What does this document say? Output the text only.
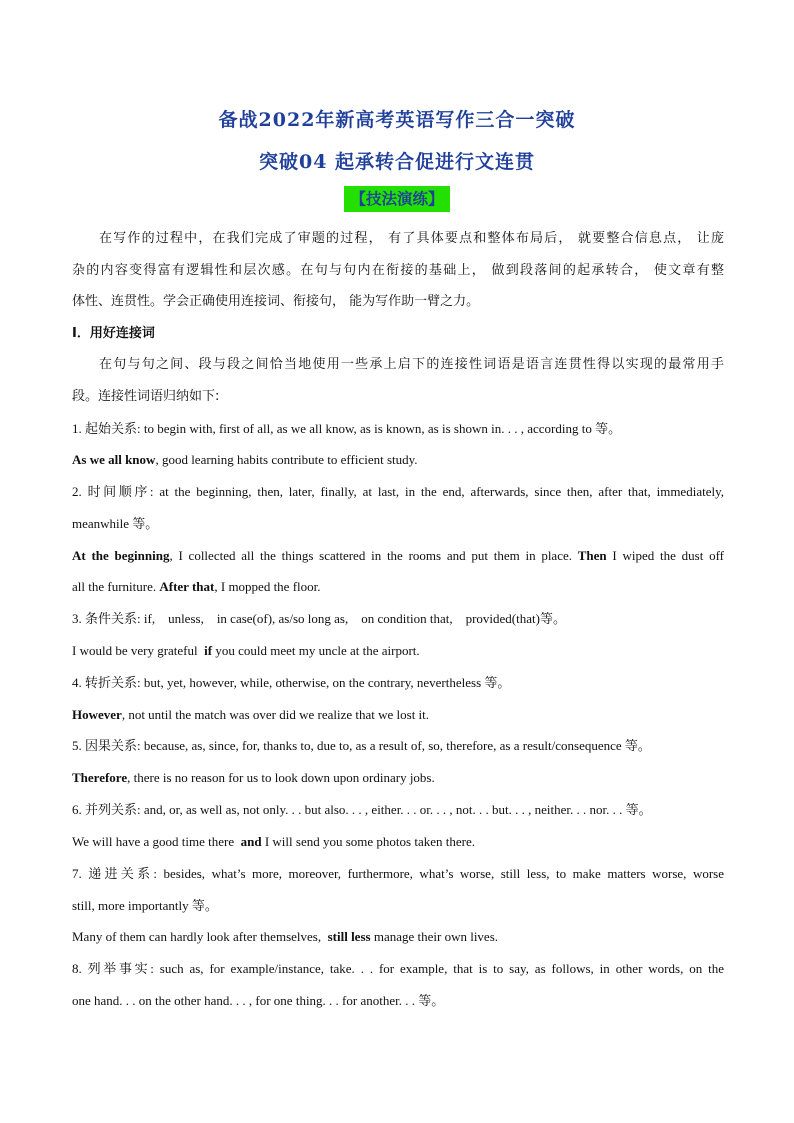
备战2022年新高考英语写作三合一突破
突破04 起承转合促进行文连贯
【技法演练】
在写作的过程中，在我们完成了审题的过程， 有了具体要点和整体布局后， 就要整合信息点， 让庞
杂的内容变得富有逻辑性和层次感。在句与句内在衔接的基础上， 做到段落间的起承转合， 使文章有整
体性、连贯性。学会正确使用连接词、衔接句， 能为写作助一臂之力。
Ⅰ．用好连接词
在句与句之间、段与段之间恰当地使用一些承上启下的连接性词语是语言连贯性得以实现的最常用手
段。连接性词语归纳如下:
1. 起始关系: to begin with, first of all, as we all know, as is known, as is shown in. . . , according to 等。
As we all know, good learning habits contribute to efficient study.
2. 时间顺序: at the beginning, then, later, finally, at last, in the end, afterwards, since then, after that, immediately,
meanwhile 等。
At the beginning, I collected all the things scattered in the rooms and put them in place. Then I wiped the dust off
all the furniture. After that, I mopped the floor.
3. 条件关系: if,    unless,    in case(of), as/so long as,    on condition that,    provided(that)等。
I would be very grateful  if you could meet my uncle at the airport.
4. 转折关系: but, yet, however, while, otherwise, on the contrary, nevertheless 等。
However, not until the match was over did we realize that we lost it.
5. 因果关系: because, as, since, for, thanks to, due to, as a result of, so, therefore, as a result/consequence 等。
Therefore, there is no reason for us to look down upon ordinary jobs.
6. 并列关系: and, or, as well as, not only. . . but also. . . , either. . . or. . . , not. . . but. . . , neither. . . nor. . . 等。
We will have a good time there  and I will send you some photos taken there.
7. 递进关系: besides, what’s more, moreover, furthermore, what’s worse, still less, to make matters worse, worse
still, more importantly 等。
Many of them can hardly look after themselves,  still less manage their own lives.
8. 列举事实: such as, for example/instance, take. . . for example, that is to say, as follows, in other words, on the
one hand. . . on the other hand. . . , for one thing. . . for another. . . 等。
